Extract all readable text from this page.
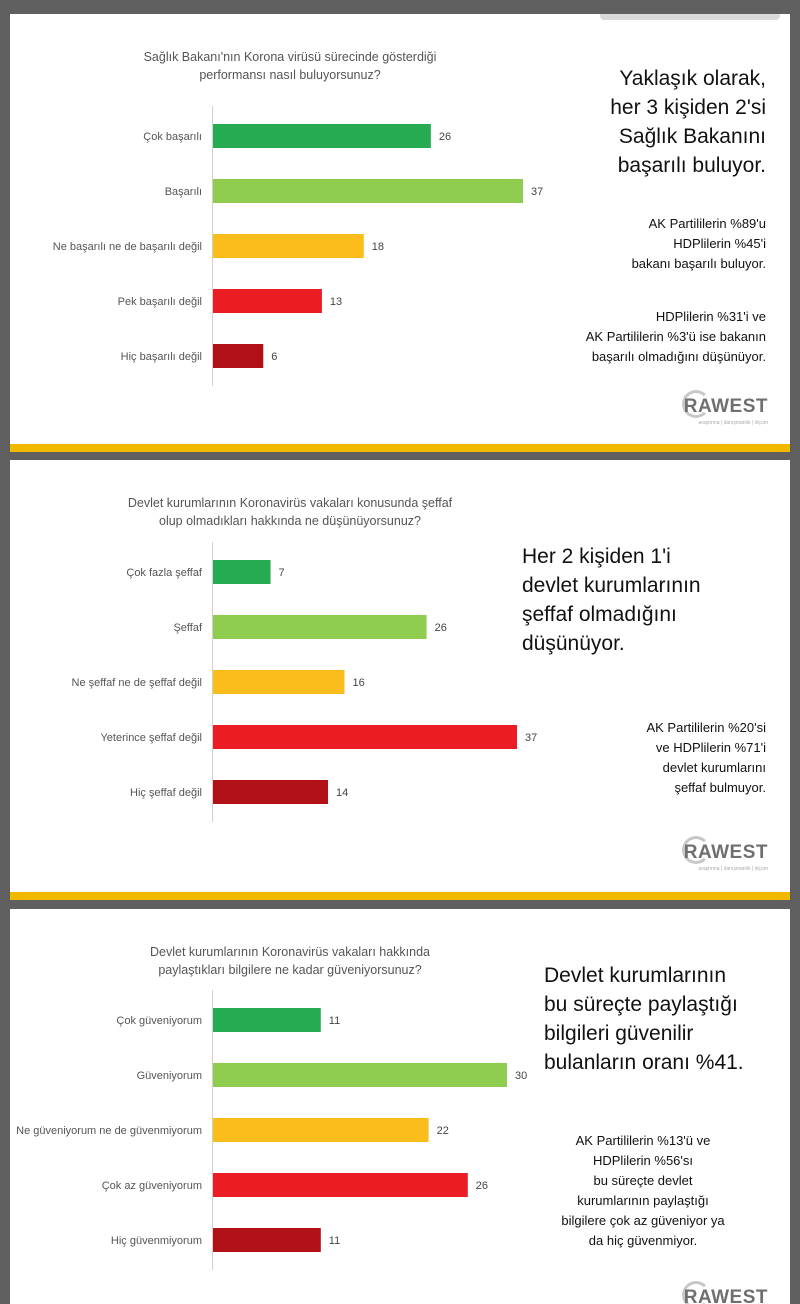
Sağlık Bakanı'nın Korona virüsü sürecinde gösterdiği
performansı nasıl buluyorsunuz?
Çok başarılı	26
Başarılı	37
Ne başarılı ne de başarılı değil	18
Pek başarılı değil	13
Hiç başarılı değil	6
Yaklaşık olarak,
her 3 kişiden 2'si
Sağlık Bakanını
başarılı buluyor.
AK Partililerin %89'u
HDPlilerin %45'i
bakanı başarılı buluyor.
HDPlilerin %31'i ve
AK Partililerin %3'ü ise bakanın
başarılı olmadığını düşünüyor.
RAWEST
araştırma | danışmanlık | ölçüm
Devlet kurumlarının Koronavirüs vakaları konusunda şeffaf
olup olmadıkları hakkında ne düşünüyorsunuz?
Çok fazla şeffaf	7
Şeffaf	26
Ne şeffaf ne de şeffaf değil	16
Yeterince şeffaf değil	37
Hiç şeffaf değil	14
Her 2 kişiden 1'i
devlet kurumlarının
şeffaf olmadığını
düşünüyor.
AK Partililerin %20'si
ve HDPlilerin %71'i
devlet kurumlarını
şeffaf bulmuyor.
RAWEST
araştırma | danışmanlık | ölçüm
Devlet kurumlarının Koronavirüs vakaları hakkında
paylaştıkları bilgilere ne kadar güveniyorsunuz?
Çok güveniyorum	11
Güveniyorum	30
Ne güveniyorum ne de güvenmiyorum	22
Çok az güveniyorum	26
Hiç güvenmiyorum	11
Devlet kurumlarının
bu süreçte paylaştığı
bilgileri güvenilir
bulanların oranı %41.
AK Partililerin %13'ü ve
HDPlilerin %56'sı
bu süreçte devlet
kurumlarının paylaştığı
bilgilere çok az güveniyor ya
da hiç güvenmiyor.
RAWEST
